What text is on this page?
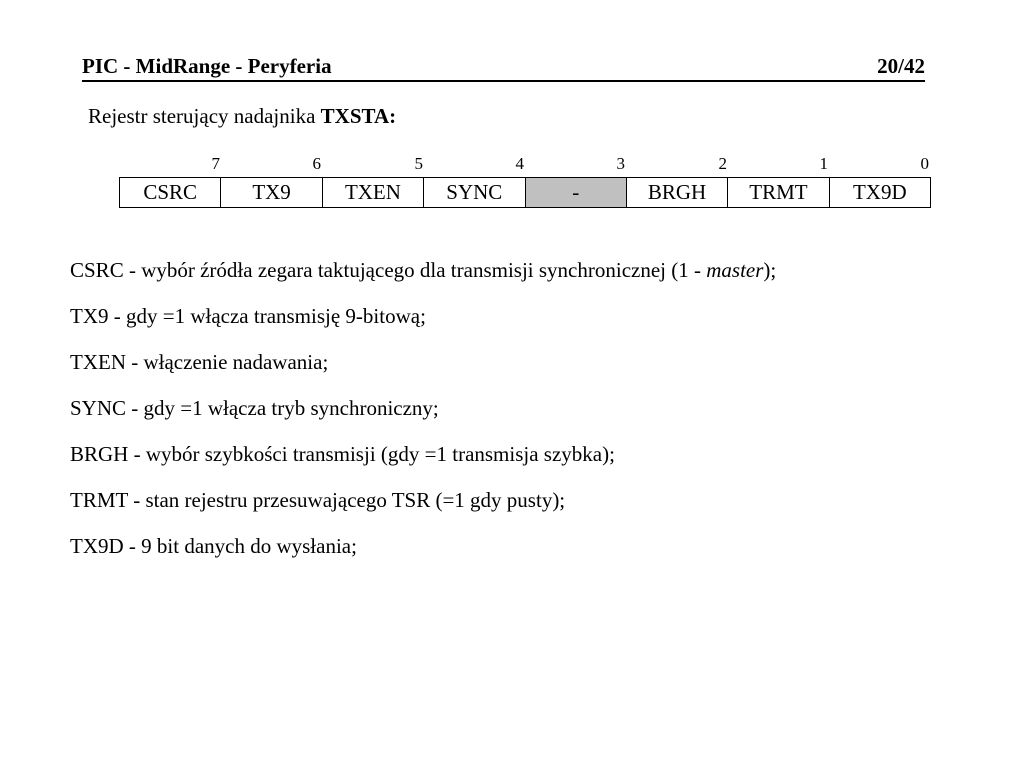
PIC - MidRange - Peryferia	20/42
Rejestr sterujący nadajnika TXSTA:
7	6	5	4	3	2	1	0
CSRC	TX9	TXEN	SYNC	-	BRGH	TRMT	TX9D
CSRC - wybór źródła zegara taktującego dla transmisji synchronicznej (1 - master);
TX9 - gdy =1 włącza transmisję 9-bitową;
TXEN - włączenie nadawania;
SYNC - gdy =1 włącza tryb synchroniczny;
BRGH - wybór szybkości transmisji (gdy =1 transmisja szybka);
TRMT - stan rejestru przesuwającego TSR (=1 gdy pusty);
TX9D - 9 bit danych do wysłania;
